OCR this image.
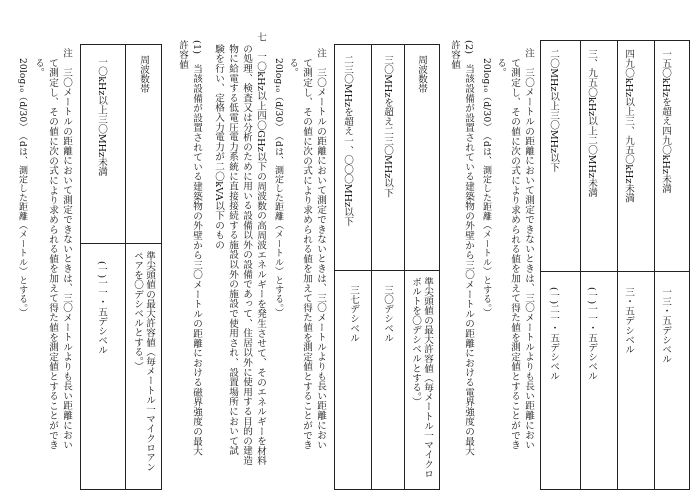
一五〇kHzを超え四九〇kHz未満
一三・五デシベル
四九〇kHz以上三、九五〇kHz未満
三・五デシベル
三、九五〇kHz以上二〇MHz未満
(一)一一・五デシベル
二〇MHz以上三〇MHz以下
(一)二一・五デシベル
注　三〇メートルの距離において測定できないときは、三〇メートルよりも長い距離におい
て測定し、その値に次の式により求められる値を加えて得た値を測定値とすることができ
る。
20log₁₀（d/30）　（dは、測定した距離（メートル）とする。）
(2)　当該設備が設置されている建築物の外壁から三〇メートルの距離における電界強度の最大
許容値
周波数帯
準尖頭値の最大許容値（毎メートル一マイクロボルトを〇デシベルとする。）
三〇MHzを超え二三〇MHz以下
三〇デシベル
二三〇MHzを超え一、〇〇〇MHz以下
三七デシベル
注　三〇メートルの距離において測定できないときは、三〇メートルよりも長い距離におい
て測定し、その値に次の式により求められる値を加えて得た値を測定値とすることができ
る。
20log₁₀（d/30）　（dは、測定した距離（メートル）とする。）
七　一〇kHz以上四〇GHz以下の周波数の高周波エネルギーを発生させて、そのエネルギーを材料
の処理、検査又は分析のために用いる設備以外の設備であって、住居以外に使用する目的の建造
物に給電する低電圧電力系統に直接接続する施設以外の施設で使用され、設置場所において試
験を行い、定格入力電力が二〇kVA以下のもの
(1)　当該設備が設置されている建築物の外壁から三〇メートルの距離における磁界強度の最大
許容値
周波数帯
準尖頭値の最大許容値（毎メートル一マイクロアンペアを〇デシベルとする。）
一〇kHz以上三〇MHz未満
(一)一一・五デシベル
注　三〇メートルの距離において測定できないときは、三〇メートルよりも長い距離におい
て測定し、その値に次の式により求められる値を加えて得た値を測定値とすることができ
る。
20log₁₀（d/30）　（dは、測定した距離（メートル）とする。）
